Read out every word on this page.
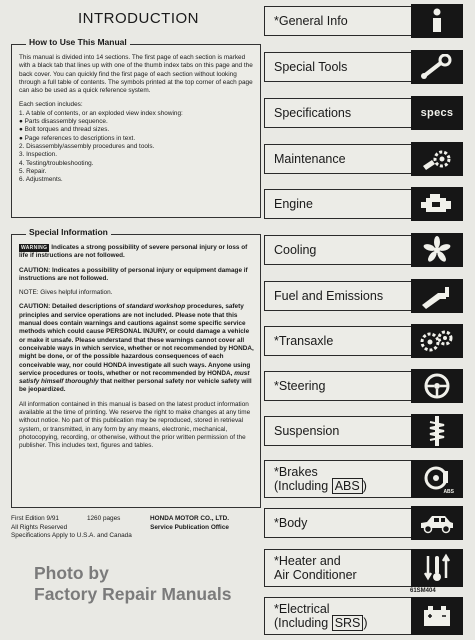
INTRODUCTION
How to Use This Manual

This manual is divided into 14 sections. The first page of each section is marked with a black tab that lines up with one of the thumb index tabs on this page and the back cover. You can quickly find the first page of each section without looking through a full table of contents. The symbols printed at the top corner of each page can also be used as a quick reference system.

Each section includes:
1. A table of contents, or an exploded view index showing:
● Parts disassembly sequence.
● Bolt torques and thread sizes.
● Page references to descriptions in text.
2. Disassembly/assembly procedures and tools.
3. Inspection.
4. Testing/troubleshooting.
5. Repair.
6. Adjustments.
Special Information

WARNING Indicates a strong possibility of severe personal injury or loss of life if instructions are not followed.

CAUTION: Indicates a possibility of personal injury or equipment damage if instructions are not followed.

NOTE: Gives helpful information.

CAUTION: Detailed descriptions of standard workshop procedures, safety principles and service operations are not included. Please note that this manual does contain warnings and cautions against some specific service methods which could cause PERSONAL INJURY, or could damage a vehicle or make it unsafe. Please understand that these warnings cannot cover all conceivable ways in which service, whether or not recommended by HONDA, might be done, or of the possible hazardous consequences of each conceivable way, nor could HONDA investigate all such ways. Anyone using service procedures or tools, whether or not recommended by HONDA, must satisfy himself thoroughly that neither personal safety nor vehicle safety will be jeopardized.

All information contained in this manual is based on the latest product information available at the time of printing. We reserve the right to make changes at any time without notice. No part of this publication may be reproduced, stored in retrieval system, or transmitted, in any form by any means, electronic, mechanical, photocopying, recording, or otherwise, without the prior written permission of the publisher. This includes text, figures and tables.

First Edition 9/91	1260 pages
All Rights Reserved
Specifications Apply to U.S.A. and Canada
HONDA MOTOR CO., LTD.
Service Publication Office
Photo by
Factory Repair Manuals
*General Info
Special Tools
Specifications	specs
Maintenance
Engine
Cooling
Fuel and Emissions
*Transaxle
*Steering
Suspension
*Brakes
(Including ABS )	ABS
*Body
*Heater and
Air Conditioner
61SM404
*Electrical
(Including SRS )
